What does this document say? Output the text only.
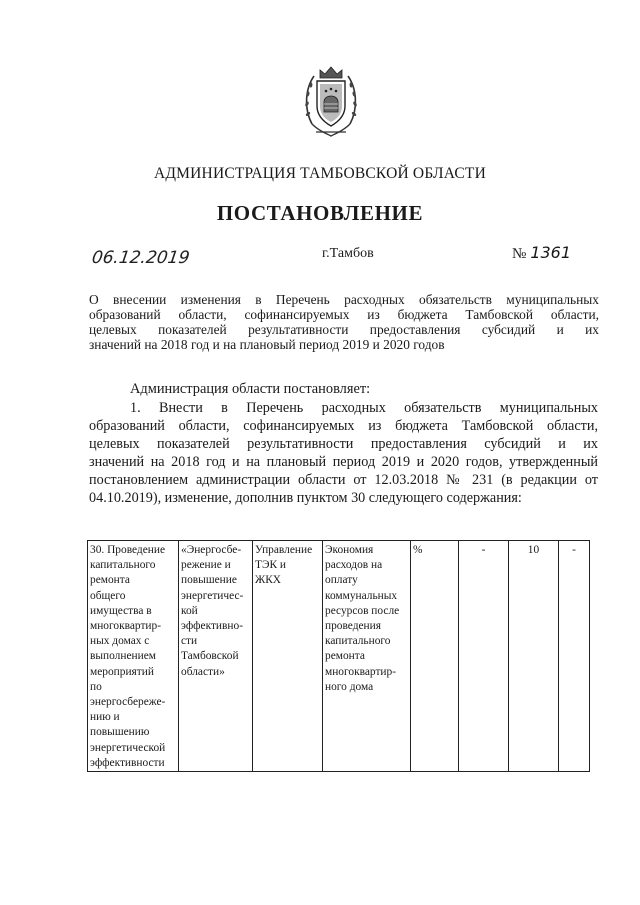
АДМИНИСТРАЦИЯ ТАМБОВСКОЙ ОБЛАСТИ
ПОСТАНОВЛЕНИЕ
06.12.2019	г.Тамбов	№ 1361
О внесении изменения в Перечень расходных обязательств муниципальных
образований области, софинансируемых из бюджета Тамбовской области,
целевых показателей результативности предоставления субсидий и их
значений на 2018 год и на плановый период 2019 и 2020 годов
Администрация области постановляет:
1. Внести в Перечень расходных обязательств муниципальных
образований области, софинансируемых из бюджета Тамбовской области,
целевых показателей результативности предоставления субсидий и их
значений на 2018 год и на плановый период 2019 и 2020 годов, утвержденный
постановлением администрации области от 12.03.2018 № 231 (в редакции от
04.10.2019), изменение, дополнив пунктом 30 следующего содержания:
30. Проведение
капитального
ремонта
общего
имущества в
многоквартир-
ных домах с
выполнением
мероприятий
по
энергосбереже-
нию и
повышению
энергетической
эффективности

«Энергосбе-
режение и
повышение
энергетичес-
кой
эффективно-
сти
Тамбовской
области»

Управление
ТЭК и
ЖКХ

Экономия
расходов на
оплату
коммунальных
ресурсов после
проведения
капитального
ремонта
многоквартир-
ного дома
	%	-	10	-
